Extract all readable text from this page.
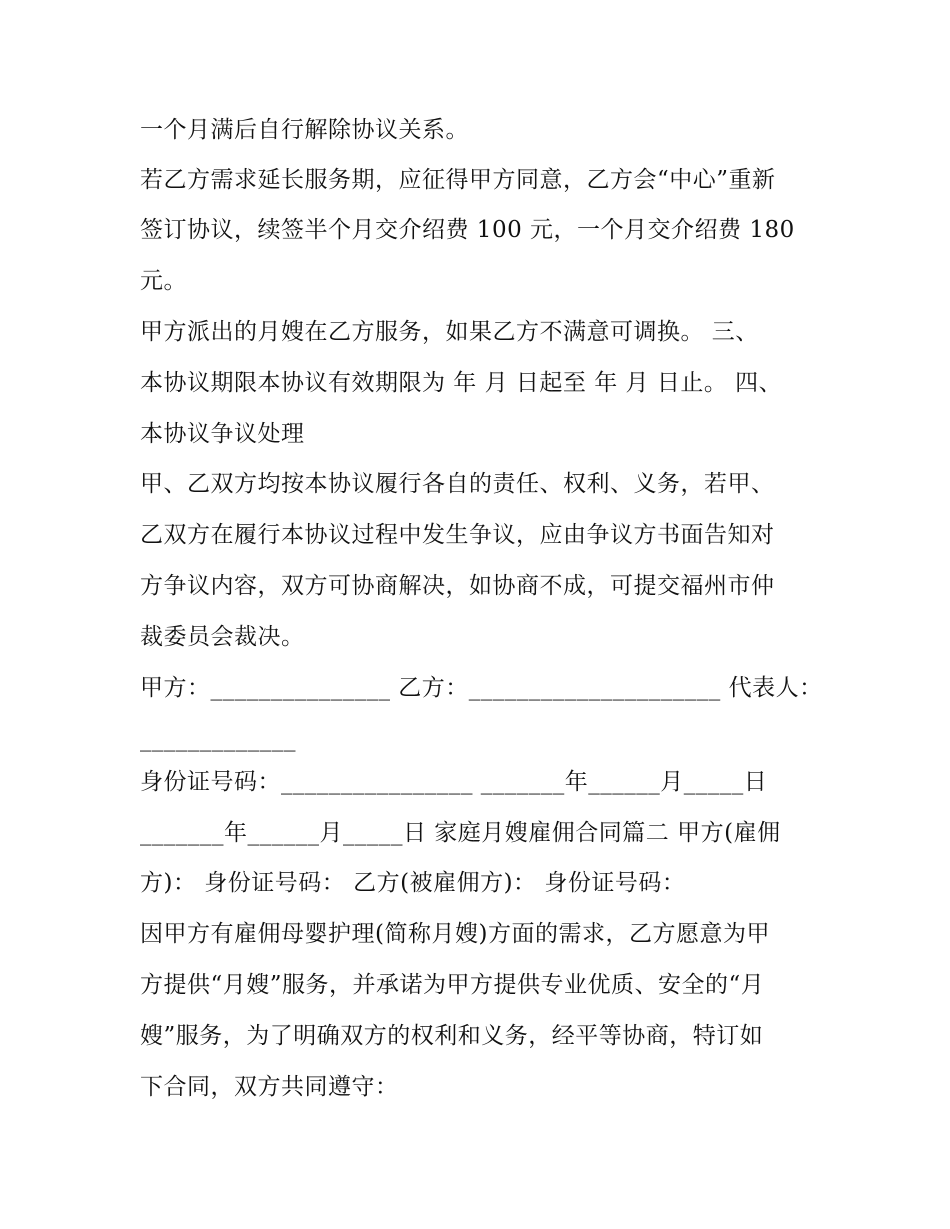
一个月满后自行解除协议关系。
若乙方需求延长服务期，应征得甲方同意，乙方会“中心”重新
签订协议，续签半个月交介绍费 100 元，一个月交介绍费 180
元。
甲方派出的月嫂在乙方服务，如果乙方不满意可调换。 三、
本协议期限本协议有效期限为 年 月 日起至 年 月 日止。 四、
本协议争议处理
甲、乙双方均按本协议履行各自的责任、权利、义务，若甲、
乙双方在履行本协议过程中发生争议，应由争议方书面告知对
方争议内容，双方可协商解决，如协商不成，可提交福州市仲
裁委员会裁决。
甲方：_______________ 乙方：_____________________ 代表人：
_____________
身份证号码：________________ _______年______月_____日
_______年______月_____日 家庭月嫂雇佣合同篇二 甲方(雇佣
方)： 身份证号码： 乙方(被雇佣方)： 身份证号码：
因甲方有雇佣母婴护理(简称月嫂)方面的需求，乙方愿意为甲
方提供“月嫂”服务，并承诺为甲方提供专业优质、安全的“月
嫂”服务，为了明确双方的权利和义务，经平等协商，特订如
下合同，双方共同遵守：
